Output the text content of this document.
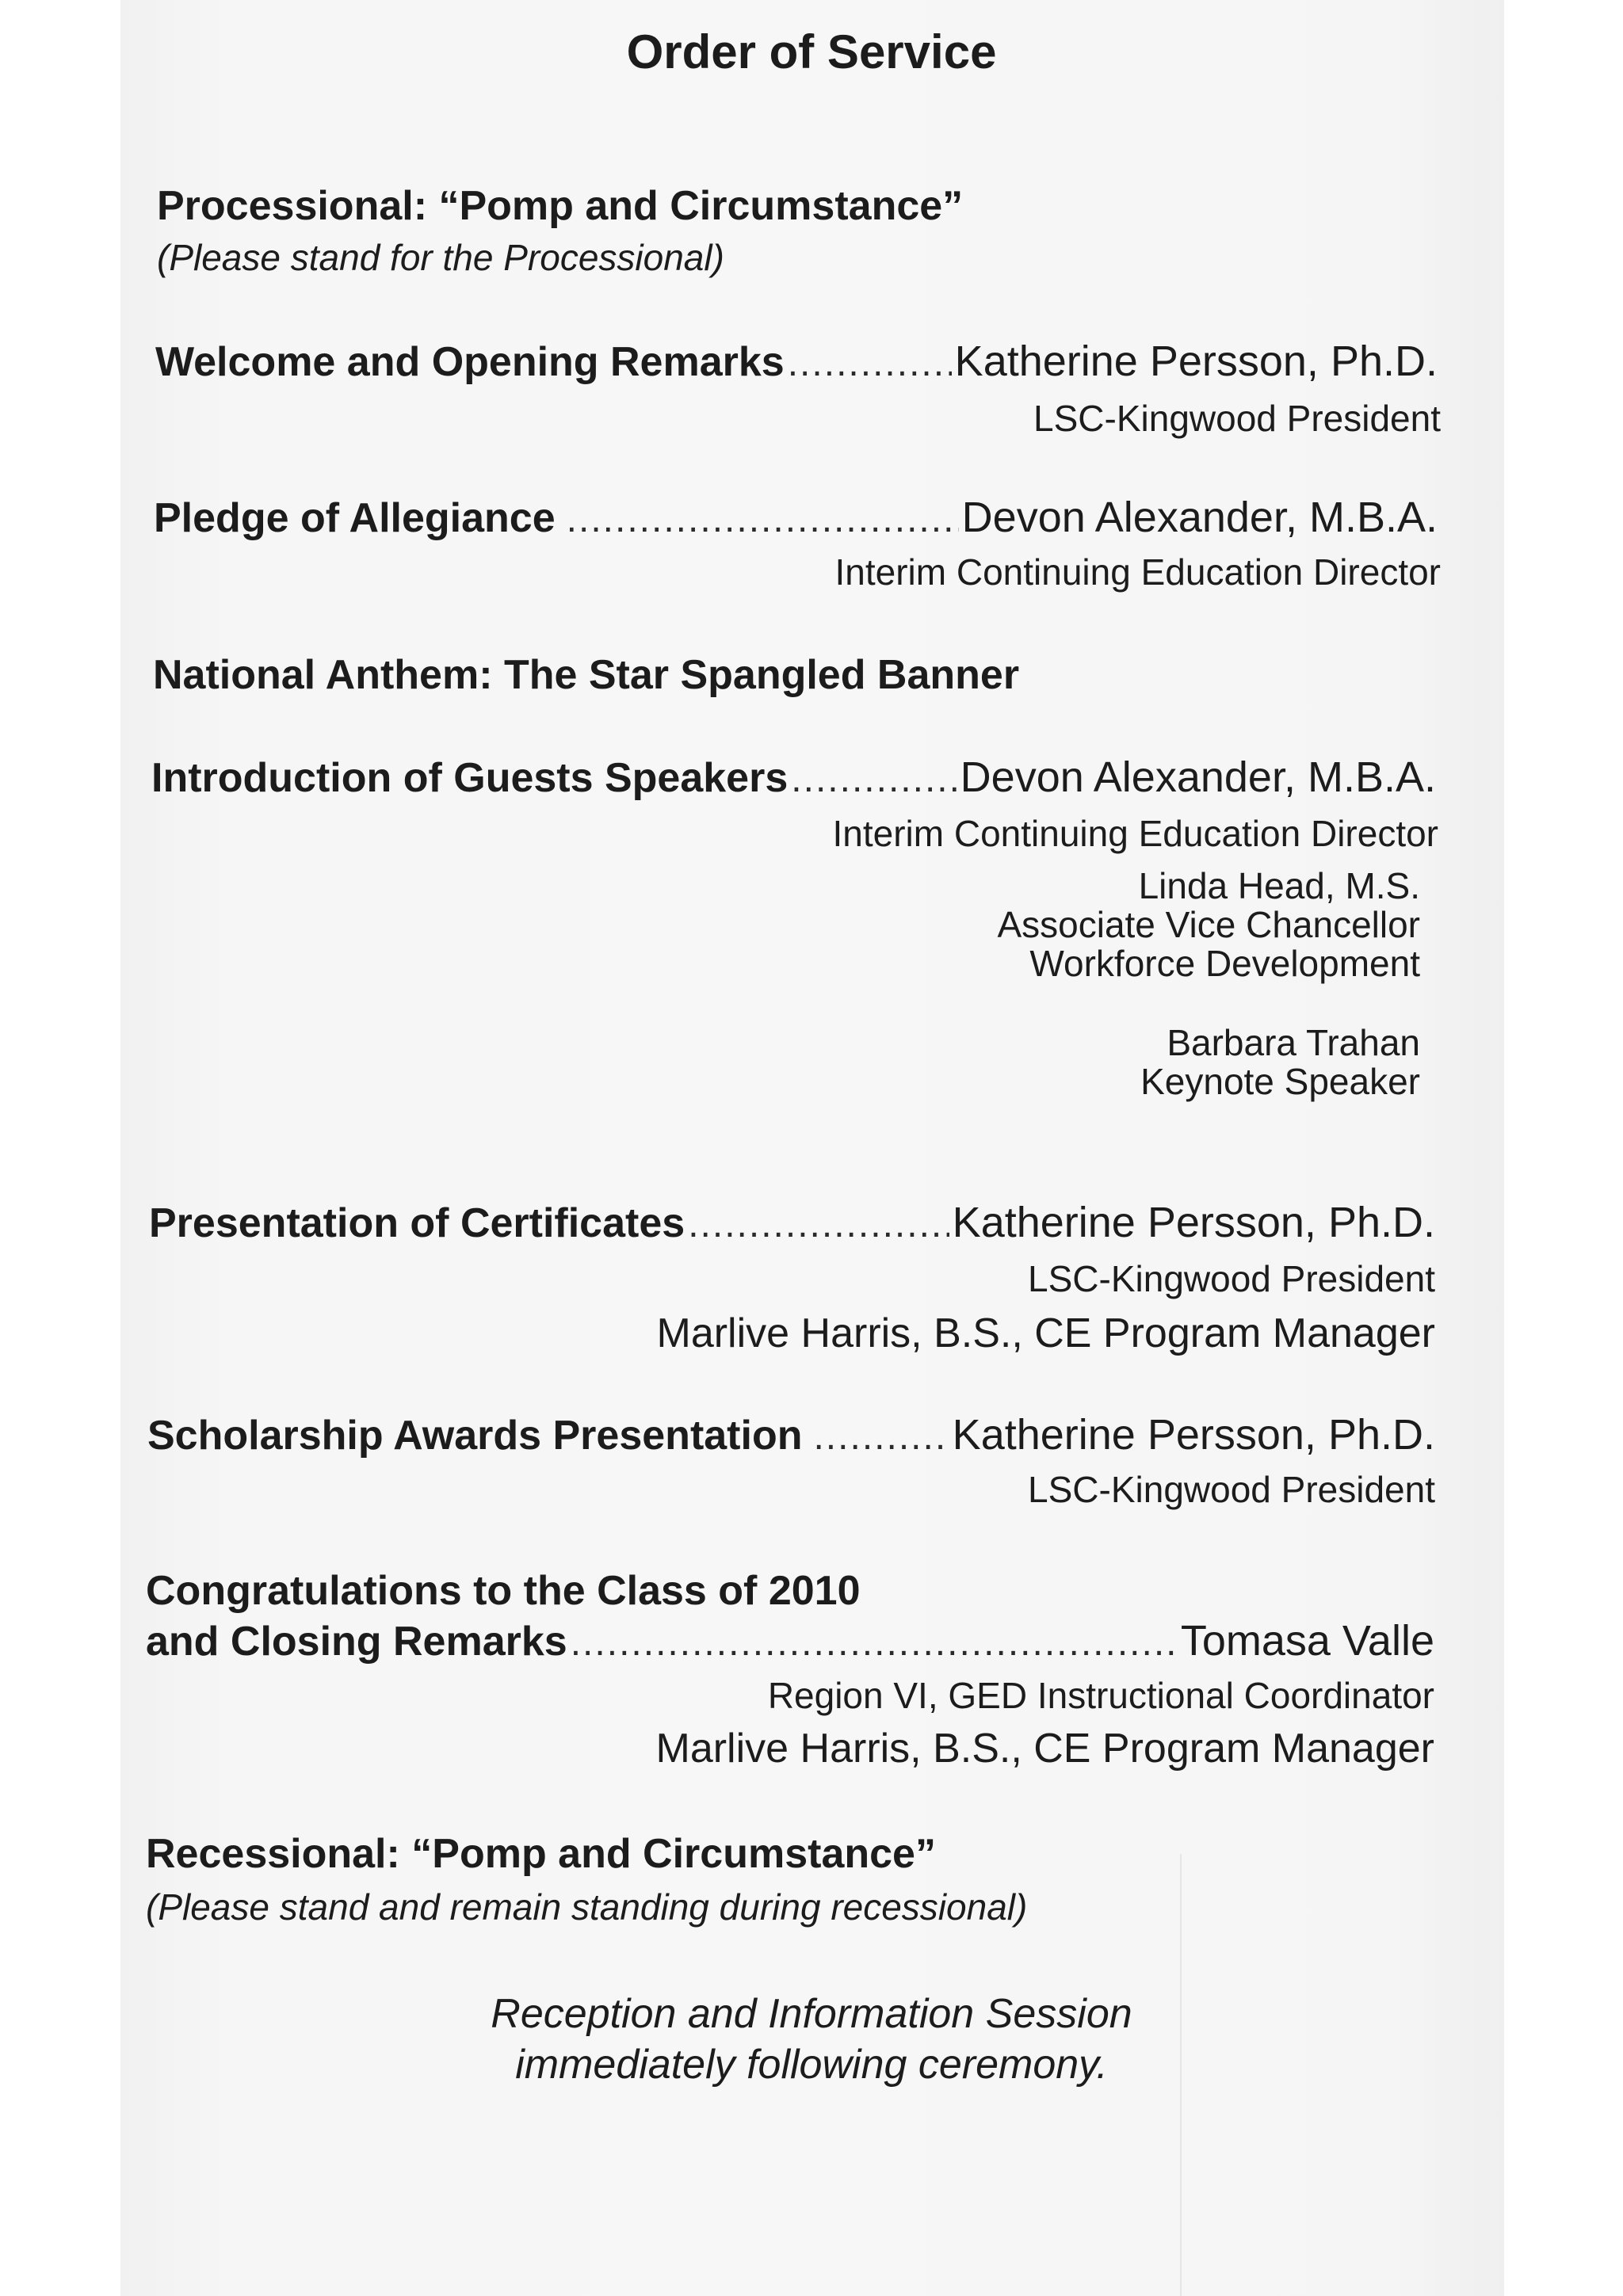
Order of Service
Processional: “Pomp and Circumstance”
(Please stand for the Processional)
Welcome and Opening Remarks .....	Katherine Persson, Ph.D.
LSC-Kingwood President
Pledge of Allegiance .....	Devon Alexander, M.B.A.
Interim Continuing Education Director
National Anthem: The Star Spangled Banner
Introduction of Guests Speakers .....	Devon Alexander, M.B.A.
Interim Continuing Education Director
Linda Head, M.S.
Associate Vice Chancellor
Workforce Development
Barbara Trahan
Keynote Speaker
Presentation of Certificates .....	Katherine Persson, Ph.D.
LSC-Kingwood President
Marlive Harris, B.S., CE Program Manager
Scholarship Awards Presentation .....	Katherine Persson, Ph.D.
LSC-Kingwood President
Congratulations to the Class of 2010
and Closing Remarks .....	Tomasa Valle
Region VI, GED Instructional Coordinator
Marlive Harris, B.S., CE Program Manager
Recessional: “Pomp and Circumstance”
(Please stand and remain standing during recessional)
Reception and Information Session
immediately following ceremony.
